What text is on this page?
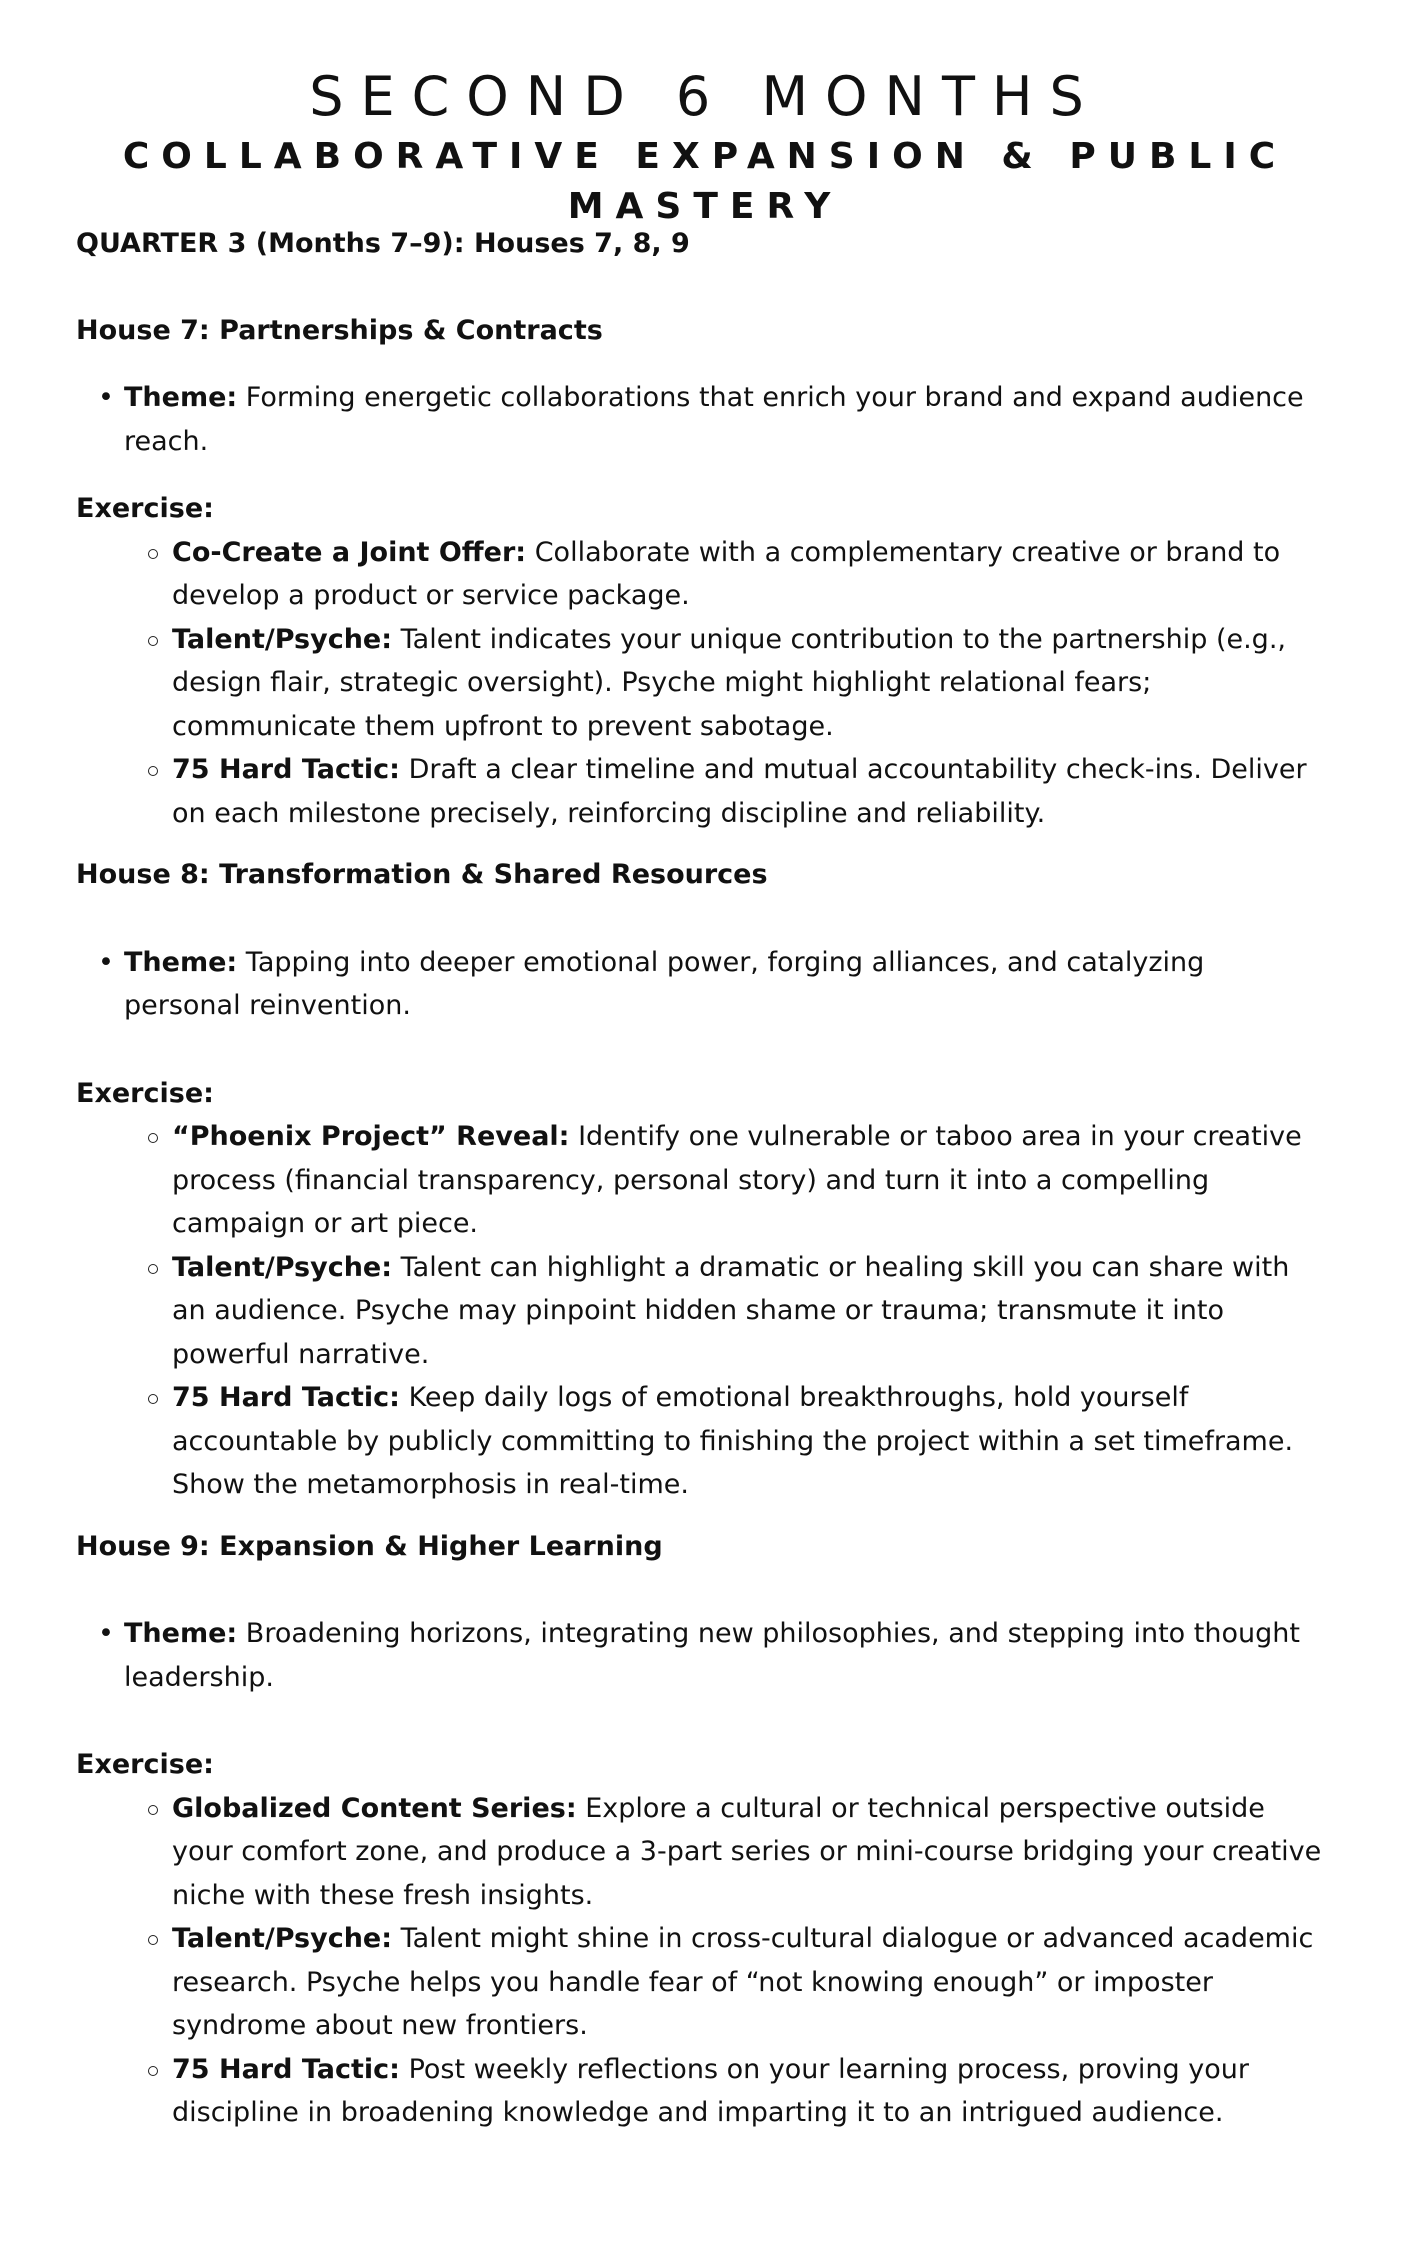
SECOND 6 MONTHS
COLLABORATIVE EXPANSION & PUBLIC MASTERY

QUARTER 3 (Months 7–9): Houses 7, 8, 9

House 7: Partnerships & Contracts

• Theme: Forming energetic collaborations that enrich your brand and expand audience reach.
Exercise:
Co-Create a Joint Offer: Collaborate with a complementary creative or brand to develop a product or service package.
Talent/Psyche: Talent indicates your unique contribution to the partnership (e.g., design flair, strategic oversight). Psyche might highlight relational fears; communicate them upfront to prevent sabotage.
75 Hard Tactic: Draft a clear timeline and mutual accountability check-ins. Deliver on each milestone precisely, reinforcing discipline and reliability.

House 8: Transformation & Shared Resources

• Theme: Tapping into deeper emotional power, forging alliances, and catalyzing personal reinvention.
Exercise:
“Phoenix Project” Reveal: Identify one vulnerable or taboo area in your creative process (financial transparency, personal story) and turn it into a compelling campaign or art piece.
Talent/Psyche: Talent can highlight a dramatic or healing skill you can share with an audience. Psyche may pinpoint hidden shame or trauma; transmute it into powerful narrative.
75 Hard Tactic: Keep daily logs of emotional breakthroughs, hold yourself accountable by publicly committing to finishing the project within a set timeframe. Show the metamorphosis in real-time.

House 9: Expansion & Higher Learning

• Theme: Broadening horizons, integrating new philosophies, and stepping into thought leadership.
Exercise:
Globalized Content Series: Explore a cultural or technical perspective outside your comfort zone, and produce a 3-part series or mini-course bridging your creative niche with these fresh insights.
Talent/Psyche: Talent might shine in cross-cultural dialogue or advanced academic research. Psyche helps you handle fear of “not knowing enough” or imposter syndrome about new frontiers.
75 Hard Tactic: Post weekly reflections on your learning process, proving your discipline in broadening knowledge and imparting it to an intrigued audience.
